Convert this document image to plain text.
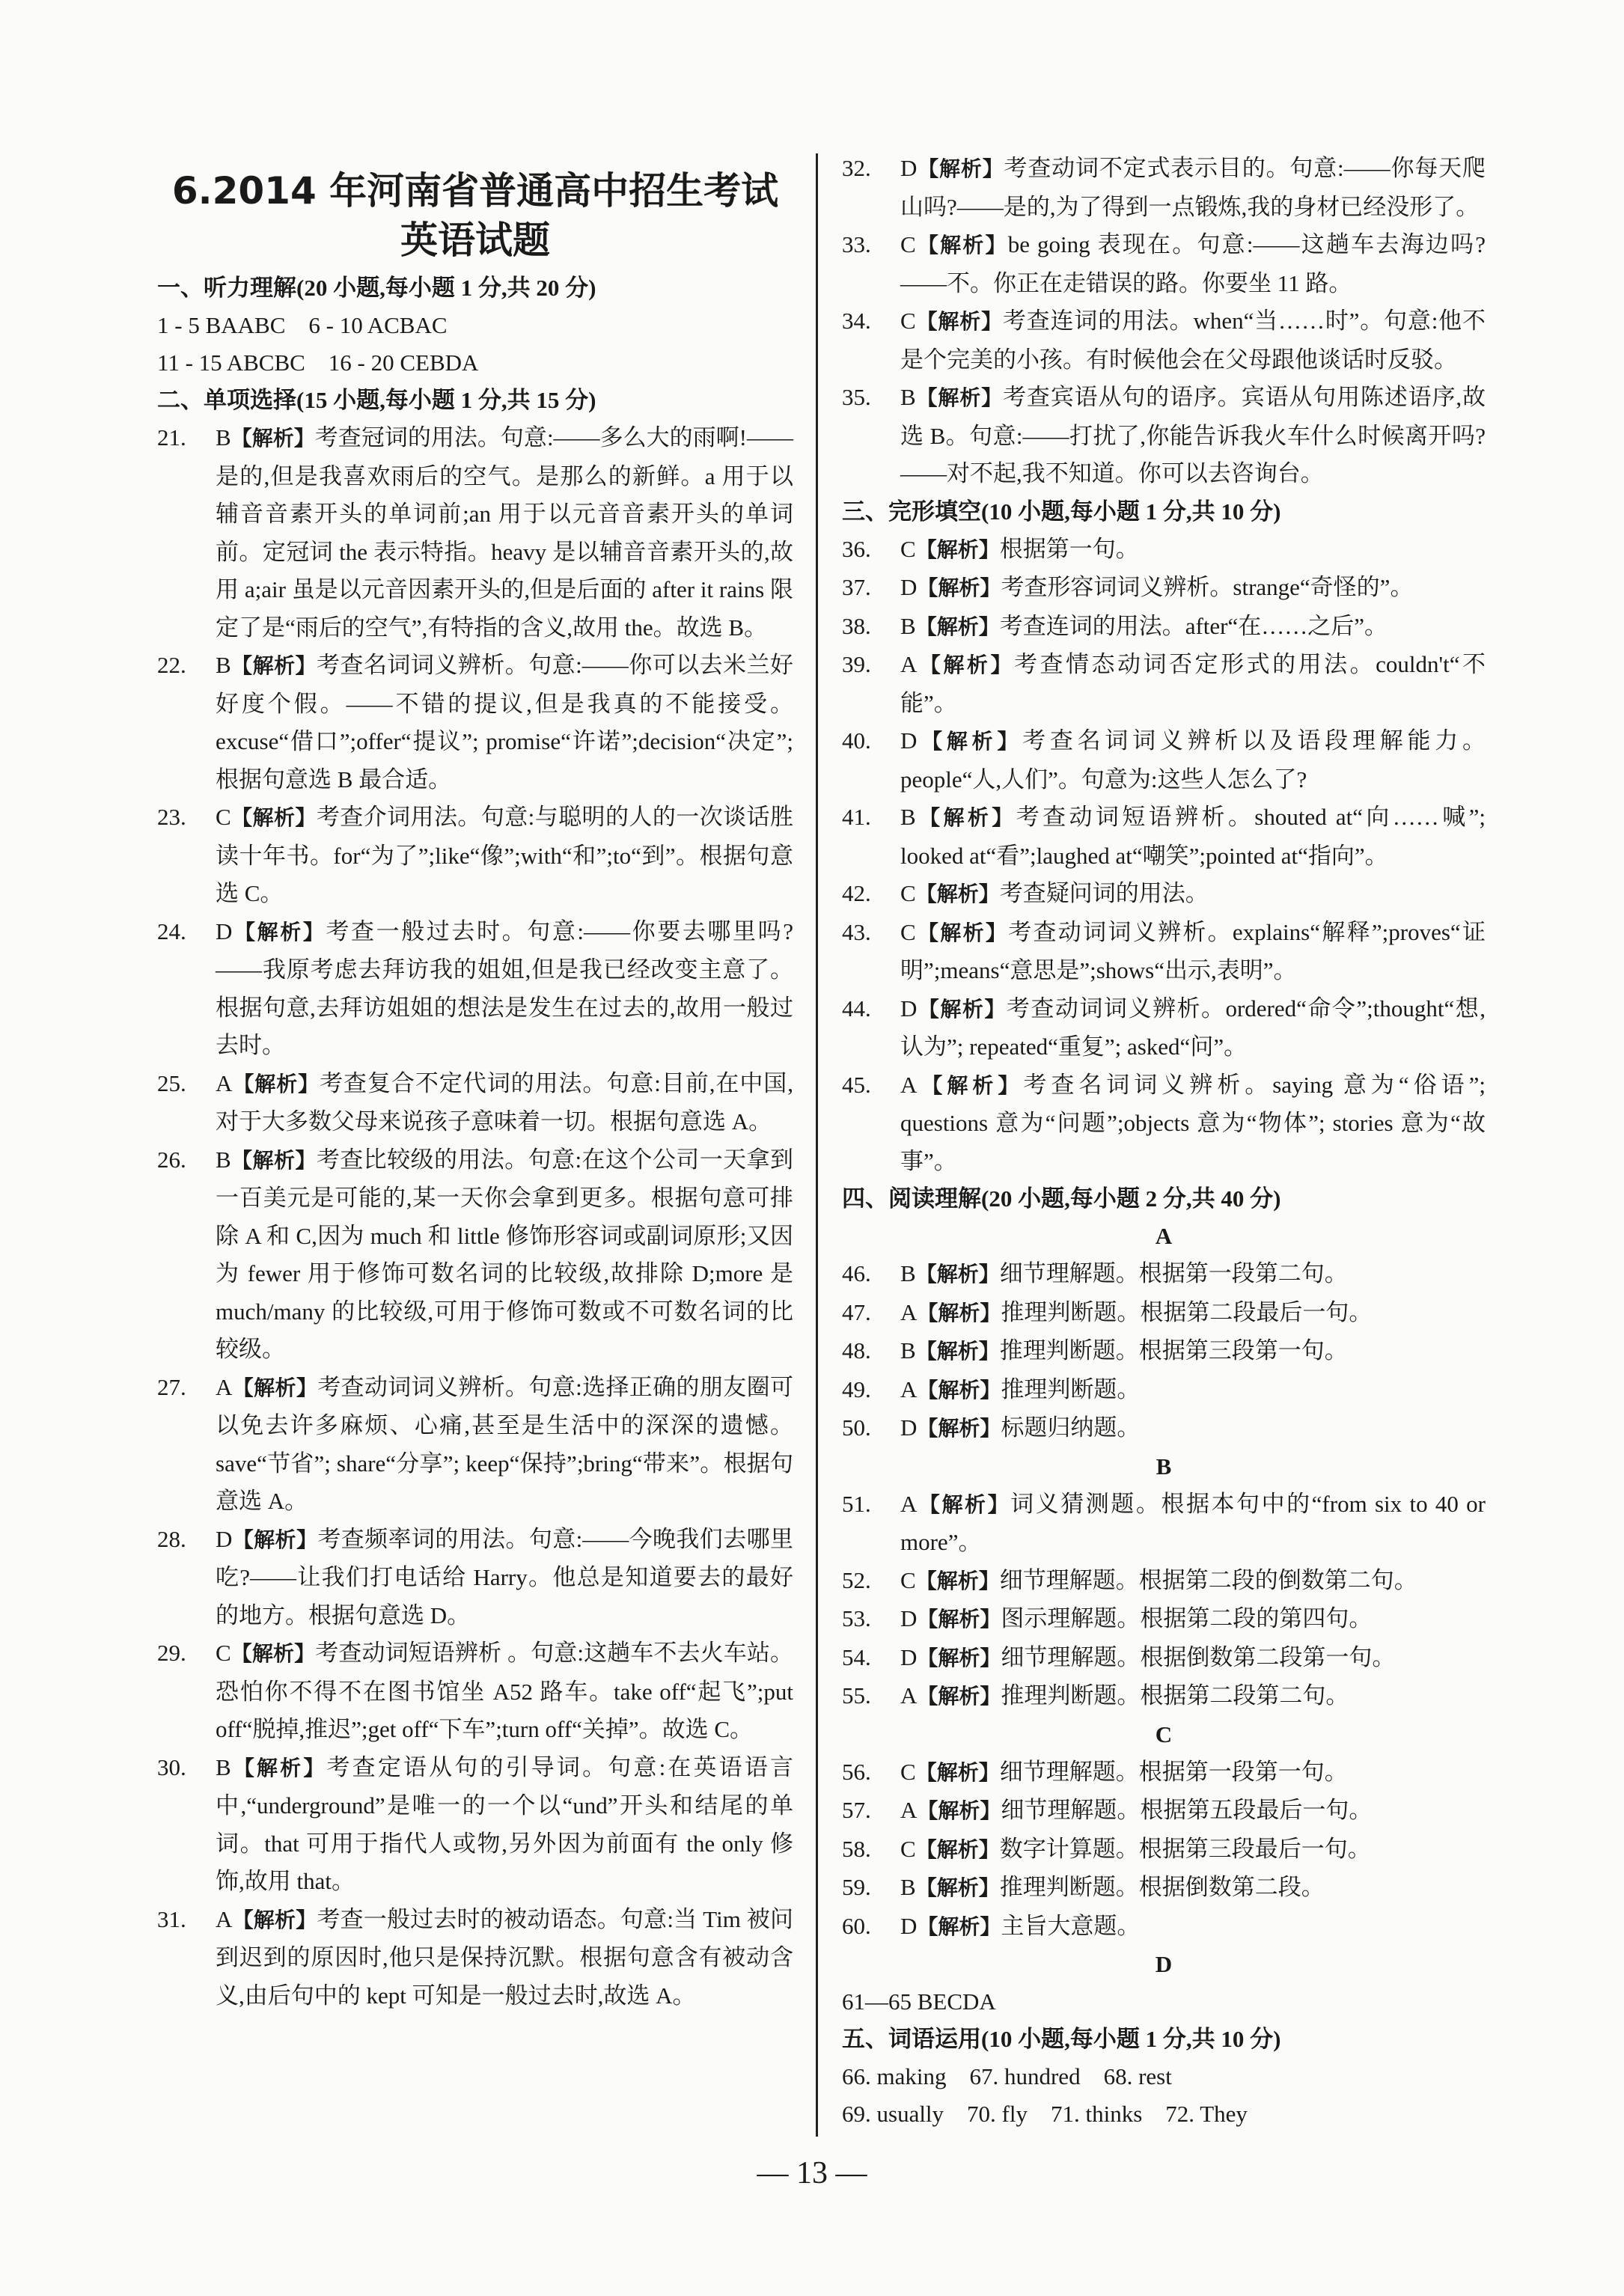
6.2014 年河南省普通高中招生考试
英语试题

一、听力理解(20 小题,每小题 1 分,共 20 分)

1 - 5 BAABC　6 - 10 ACBAC

11 - 15 ABCBC　16 - 20 CEBDA

二、单项选择(15 小题,每小题 1 分,共 15 分)

21.	B【解析】考查冠词的用法。句意:——多么大的雨啊!——是的,但是我喜欢雨后的空气。是那么的新鲜。a 用于以辅音音素开头的单词前;an 用于以元音音素开头的单词前。定冠词 the 表示特指。heavy 是以辅音音素开头的,故用 a;air 虽是以元音因素开头的,但是后面的 after it rains 限定了是“雨后的空气”,有特指的含义,故用 the。故选 B。
22.	B【解析】考查名词词义辨析。句意:——你可以去米兰好好度个假。——不错的提议,但是我真的不能接受。excuse“借口”;offer“提议”; promise“许诺”;decision“决定”;根据句意选 B 最合适。
23.	C【解析】考查介词用法。句意:与聪明的人的一次谈话胜读十年书。for“为了”;like“像”;with“和”;to“到”。根据句意选 C。
24.	D【解析】考查一般过去时。句意:——你要去哪里吗?——我原考虑去拜访我的姐姐,但是我已经改变主意了。根据句意,去拜访姐姐的想法是发生在过去的,故用一般过去时。
25.	A【解析】考查复合不定代词的用法。句意:目前,在中国,对于大多数父母来说孩子意味着一切。根据句意选 A。
26.	B【解析】考查比较级的用法。句意:在这个公司一天拿到一百美元是可能的,某一天你会拿到更多。根据句意可排除 A 和 C,因为 much 和 little 修饰形容词或副词原形;又因为 fewer 用于修饰可数名词的比较级,故排除 D;more 是 much/many 的比较级,可用于修饰可数或不可数名词的比较级。
27.	A【解析】考查动词词义辨析。句意:选择正确的朋友圈可以免去许多麻烦、心痛,甚至是生活中的深深的遗憾。save“节省”; share“分享”; keep“保持”;bring“带来”。根据句意选 A。
28.	D【解析】考查频率词的用法。句意:——今晚我们去哪里吃?——让我们打电话给 Harry。他总是知道要去的最好的地方。根据句意选 D。
29.	C【解析】考查动词短语辨析 。句意:这趟车不去火车站。恐怕你不得不在图书馆坐 A52 路车。take off“起飞”;put off“脱掉,推迟”;get off“下车”;turn off“关掉”。故选 C。
30.	B【解析】考查定语从句的引导词。句意:在英语语言中,“underground”是唯一的一个以“und”开头和结尾的单词。that 可用于指代人或物,另外因为前面有 the only 修饰,故用 that。
31.	A【解析】考查一般过去时的被动语态。句意:当 Tim 被问到迟到的原因时,他只是保持沉默。根据句意含有被动含义,由后句中的 kept 可知是一般过去时,故选 A。
32.	D【解析】考查动词不定式表示目的。句意:——你每天爬山吗?——是的,为了得到一点锻炼,我的身材已经没形了。
33.	C【解析】be going 表现在。句意:——这趟车去海边吗?——不。你正在走错误的路。你要坐 11 路。
34.	C【解析】考查连词的用法。when“当……时”。句意:他不是个完美的小孩。有时候他会在父母跟他谈话时反驳。
35.	B【解析】考查宾语从句的语序。宾语从句用陈述语序,故选 B。句意:——打扰了,你能告诉我火车什么时候离开吗?——对不起,我不知道。你可以去咨询台。

三、完形填空(10 小题,每小题 1 分,共 10 分)

36.	C【解析】根据第一句。
37.	D【解析】考查形容词词义辨析。strange“奇怪的”。
38.	B【解析】考查连词的用法。after“在……之后”。
39.	A【解析】考查情态动词否定形式的用法。couldn't“不能”。
40.	D【解析】考查名词词义辨析以及语段理解能力。people“人,人们”。句意为:这些人怎么了?
41.	B【解析】考查动词短语辨析。shouted at“向……喊”; looked at“看”;laughed at“嘲笑”;pointed at“指向”。
42.	C【解析】考查疑问词的用法。
43.	C【解析】考查动词词义辨析。explains“解释”;proves“证明”;means“意思是”;shows“出示,表明”。
44.	D【解析】考查动词词义辨析。ordered“命令”;thought“想,认为”; repeated“重复”; asked“问”。
45.	A【解析】考查名词词义辨析。saying 意为“俗语”; questions 意为“问题”;objects 意为“物体”; stories 意为“故事”。

四、阅读理解(20 小题,每小题 2 分,共 40 分)

A

46.	B【解析】细节理解题。根据第一段第二句。
47.	A【解析】推理判断题。根据第二段最后一句。
48.	B【解析】推理判断题。根据第三段第一句。
49.	A【解析】推理判断题。
50.	D【解析】标题归纳题。

B

51.	A【解析】词义猜测题。根据本句中的“from six to 40 or more”。
52.	C【解析】细节理解题。根据第二段的倒数第二句。
53.	D【解析】图示理解题。根据第二段的第四句。
54.	D【解析】细节理解题。根据倒数第二段第一句。
55.	A【解析】推理判断题。根据第二段第二句。

C

56.	C【解析】细节理解题。根据第一段第一句。
57.	A【解析】细节理解题。根据第五段最后一句。
58.	C【解析】数字计算题。根据第三段最后一句。
59.	B【解析】推理判断题。根据倒数第二段。
60.	D【解析】主旨大意题。

D

61—65 BECDA

五、词语运用(10 小题,每小题 1 分,共 10 分)

66. making　67. hundred　68. rest

69. usually　70. fly　71. thinks　72. They

— 13 —
